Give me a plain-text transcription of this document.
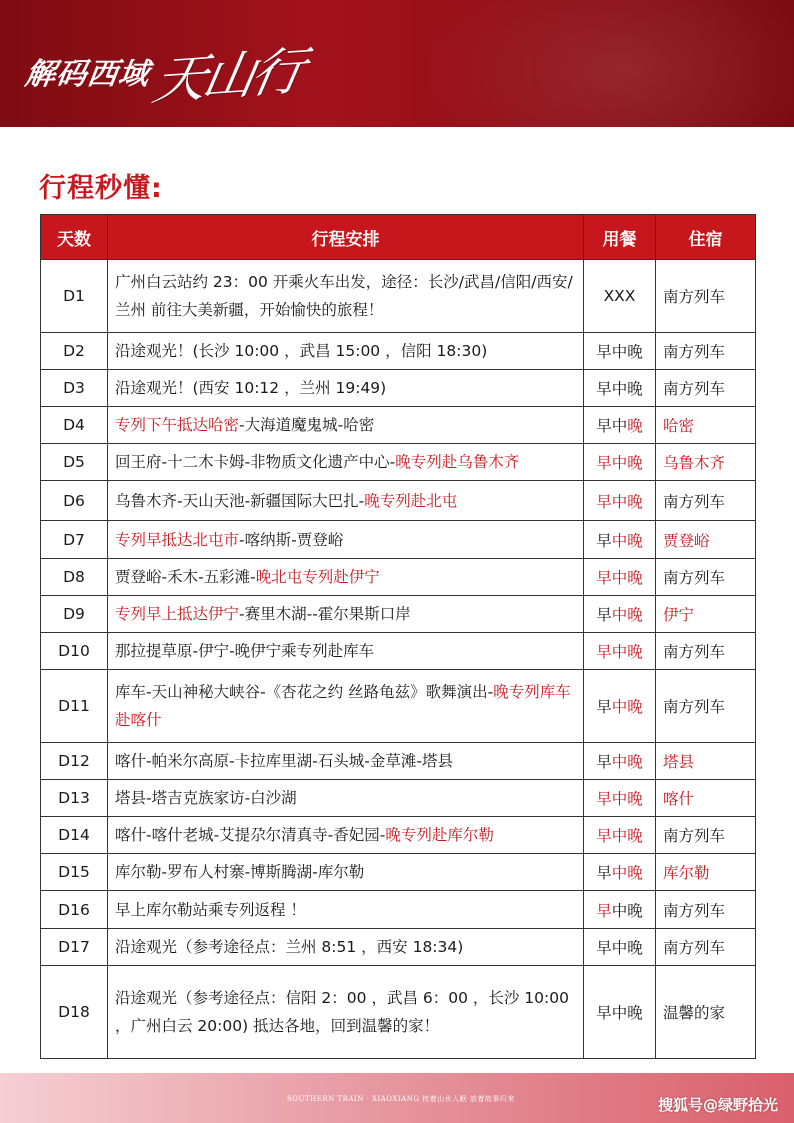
解码西域
天山行
行程秒懂:
天数	行程安排	用餐	住宿
D1	广州白云站约 23：00 开乘火车出发，途径：长沙/武昌/信阳/西安/兰州 前往大美新疆，开始愉快的旅程！	XXX	南方列车
D2	沿途观光！(长沙 10:00 ，武昌 15:00 ，信阳 18:30)	早中晚	南方列车
D3	沿途观光！(西安 10:12 ，兰州 19:49)	早中晚	南方列车
D4	专列下午抵达哈密-大海道魔鬼城-哈密	早中晚	哈密
D5	回王府-十二木卡姆-非物质文化遗产中心-晚专列赴乌鲁木齐	早中晚	乌鲁木齐
D6	乌鲁木齐-天山天池-新疆国际大巴扎-晚专列赴北屯	早中晚	南方列车
D7	专列早抵达北屯市-喀纳斯-贾登峪	早中晚	贾登峪
D8	贾登峪-禾木-五彩滩-晚北屯专列赴伊宁	早中晚	南方列车
D9	专列早上抵达伊宁-赛里木湖--霍尔果斯口岸	早中晚	伊宁
D10	那拉提草原-伊宁-晚伊宁乘专列赴库车	早中晚	南方列车
D11	库车-天山神秘大峡谷-《杏花之约 丝路龟兹》歌舞演出-晚专列库车赴喀什	早中晚	南方列车
D12	喀什-帕米尔高原-卡拉库里湖-石头城-金草滩-塔县	早中晚	塔县
D13	塔县-塔吉克族家访-白沙湖	早中晚	喀什
D14	喀什-喀什老城-艾提尕尔清真寺-香妃园-晚专列赴库尔勒	早中晚	南方列车
D15	库尔勒-罗布人村寨-博斯腾湖-库尔勒	早中晚	库尔勒
D16	早上库尔勒站乘专列返程 ！	早中晚	南方列车
D17	沿途观光（参考途径点：兰州 8:51 ，西安 18:34)	早中晚	南方列车
D18	沿途观光（参考途径点：信阳 2：00 ，武昌 6：00 ，长沙 10:00 ，广州白云 20:00) 抵达各地，回到温馨的家！	早中晚	温馨的家
SOUTHERN TRAIN · XIAOXIANG 枕着山水入眠 放着故事归来	搜狐号@绿野拾光
